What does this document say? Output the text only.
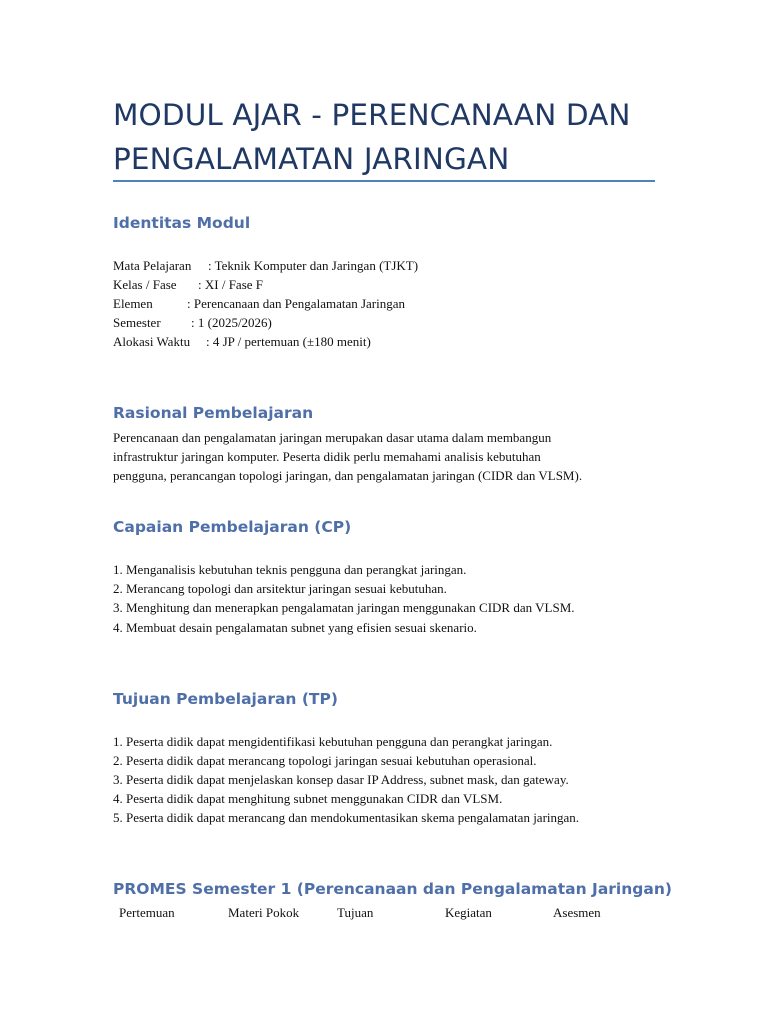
MODUL AJAR - PERENCANAAN DAN
PENGALAMATAN JARINGAN
Identitas Modul

Mata Pelajaran : Teknik Komputer dan Jaringan (TJKT)

Kelas / Fase : XI / Fase F

Elemen	: Perencanaan dan Pengalamatan Jaringan

Semester : 1 (2025/2026)

Alokasi Waktu : 4 JP / pertemuan (±180 menit)

Rasional Pembelajaran

Perencanaan dan pengalamatan jaringan merupakan dasar utama dalam membangun

infrastruktur jaringan komputer. Peserta didik perlu memahami analisis kebutuhan

pengguna, perancangan topologi jaringan, dan pengalamatan jaringan (CIDR dan VLSM).

Capaian Pembelajaran (CP)

1. Menganalisis kebutuhan teknis pengguna dan perangkat jaringan.

2. Merancang topologi dan arsitektur jaringan sesuai kebutuhan.

3. Menghitung dan menerapkan pengalamatan jaringan menggunakan CIDR dan VLSM.

4. Membuat desain pengalamatan subnet yang efisien sesuai skenario.

Tujuan Pembelajaran (TP)

1. Peserta didik dapat mengidentifikasi kebutuhan pengguna dan perangkat jaringan.

2. Peserta didik dapat merancang topologi jaringan sesuai kebutuhan operasional.

3. Peserta didik dapat menjelaskan konsep dasar IP Address, subnet mask, dan gateway.

4. Peserta didik dapat menghitung subnet menggunakan CIDR dan VLSM.

5. Peserta didik dapat merancang dan mendokumentasikan skema pengalamatan jaringan.

PROMES Semester 1 (Perencanaan dan Pengalamatan Jaringan)
Pertemuan	Materi Pokok	Tujuan	Kegiatan	Asesmen
